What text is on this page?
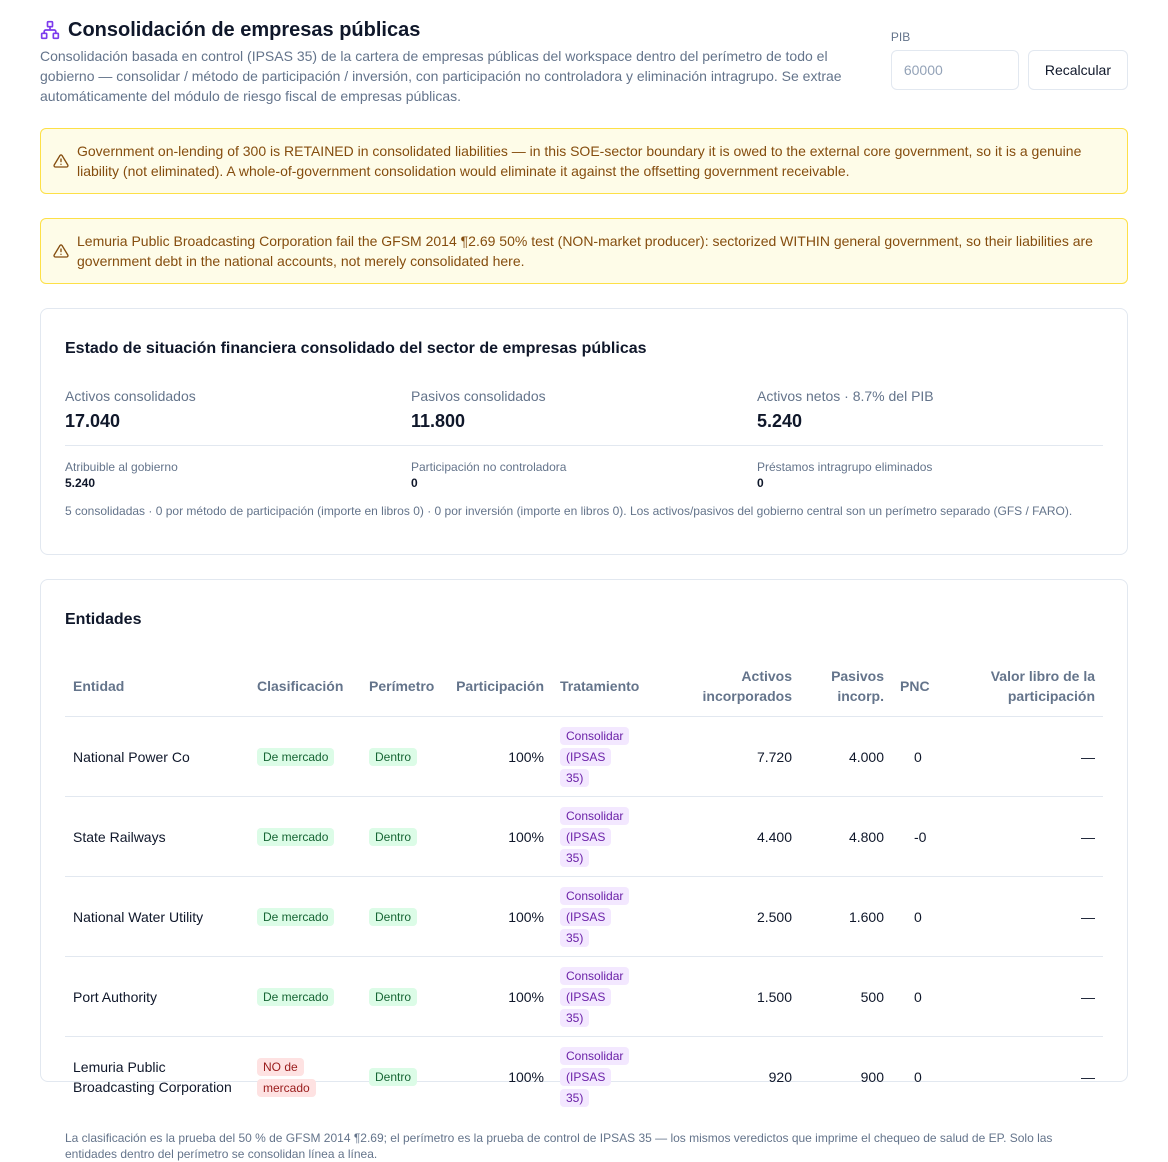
Consolidación de empresas públicas

Consolidación basada en control (IPSAS 35) de la cartera de empresas públicas del workspace dentro del perímetro de todo el gobierno — consolidar / método de participación / inversión, con participación no controladora y eliminación intragrupo. Se extrae automáticamente del módulo de riesgo fiscal de empresas públicas.

PIB
60000
Recalcular
Government on-lending of 300 is RETAINED in consolidated liabilities — in this SOE-sector boundary it is owed to the external core government, so it is a genuine liability (not eliminated). A whole-of-government consolidation would eliminate it against the offsetting government receivable.
Lemuria Public Broadcasting Corporation fail the GFSM 2014 ¶2.69 50% test (NON-market producer): sectorized WITHIN general government, so their liabilities are government debt in the national accounts, not merely consolidated here.
Estado de situación financiera consolidado del sector de empresas públicas
Activos consolidados
17.040
Pasivos consolidados
11.800
Activos netos · 8.7% del PIB
5.240
Atribuible al gobierno
5.240
Participación no controladora
0
Préstamos intragrupo eliminados
0

5 consolidadas · 0 por método de participación (importe en libros 0) · 0 por inversión (importe en libros 0). Los activos/pasivos del gobierno central son un perímetro separado (GFS / FARO).

Entidades
Entidad	Clasificación	Perímetro	Participación	Tratamiento	Activos incorporados	Pasivos incorp.	PNC	Valor libro de la participación
National Power Co	De mercado	Dentro	100%	Consolidar (IPSAS 35)	7.720	4.000	0	—
State Railways	De mercado	Dentro	100%	Consolidar (IPSAS 35)	4.400	4.800	-0	—
National Water Utility	De mercado	Dentro	100%	Consolidar (IPSAS 35)	2.500	1.600	0	—
Port Authority	De mercado	Dentro	100%	Consolidar (IPSAS 35)	1.500	500	0	—
Lemuria Public Broadcasting Corporation	NO de mercado	Dentro	100%	Consolidar (IPSAS 35)	920	900	0	—

La clasificación es la prueba del 50 % de GFSM 2014 ¶2.69; el perímetro es la prueba de control de IPSAS 35 — los mismos veredictos que imprime el chequeo de salud de EP. Solo las entidades dentro del perímetro se consolidan línea a línea.
